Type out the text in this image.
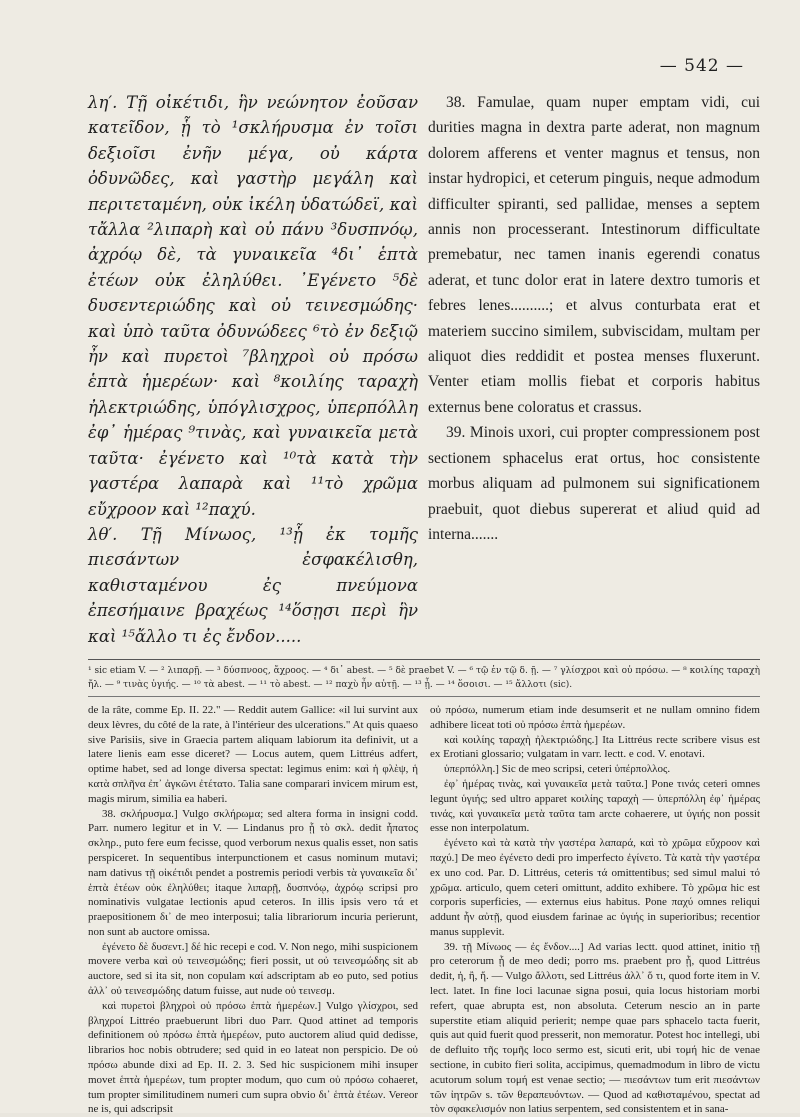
— 542 —

λη′. Τῇ οἰκέτιδι, ἣν νεώνητον ἐοῦσαν κατεῖδον, ᾗ τὸ ¹σκλήρυσμα ἐν τοῖσι δεξιοῖσι ἐνῆν μέγα, οὐ κάρτα ὀδυνῶδες, καὶ γαστὴρ μεγάλη καὶ περιτεταμένη, οὐκ ἰκέλη ὑδατώδεϊ, καὶ τἄλλα ²λιπαρὴ καὶ οὐ πάνυ ³δυσπνόῳ, ἀχρόῳ δὲ, τὰ γυναικεῖα ⁴δι᾽ ἑπτὰ ἐτέων οὐκ ἐληλύθει. ᾽Εγένετο ⁵δὲ δυσεντεριώδης καὶ οὐ τεινεσμώδης· καὶ ὑπὸ ταῦτα ὀδυνώδεες ⁶τὸ ἐν δεξιῷ ἦν καὶ πυρετοὶ ⁷βληχροὶ οὐ πρόσω ἑπτὰ ἡμερέων· καὶ ⁸κοιλίης ταραχὴ ἠλεκτριώδης, ὑπόγλισχρος, ὑπερπόλλη ἐφ᾽ ἡμέρας ⁹τινὰς, καὶ γυναικεῖα μετὰ ταῦτα· ἐγένετο καὶ ¹⁰τὰ κατὰ τὴν γαστέρα λαπαρὰ καὶ ¹¹τὸ χρῶμα εὔχροον καὶ ¹²παχύ.

λθ′. Τῇ Μίνωος, ¹³ᾗ ἐκ τομῆς πιεσάντων ἐσφακέλισθη, καθισταμένου ἐς πνεύμονα ἐπεσήμαινε βραχέως ¹⁴ὅσῃσι περὶ ἣν καὶ ¹⁵ἄλλο τι ἐς ἔνδον.....

38. Famulae, quam nuper emptam vidi, cui durities magna in dextra parte aderat, non magnum dolorem afferens et venter magnus et tensus, non instar hydropici, et ceterum pinguis, neque admodum difficulter spiranti, sed pallidae, menses a septem annis non processerant. Intestinorum difficultate premebatur, nec tamen inanis egerendi conatus aderat, et tunc dolor erat in latere dextro tumoris et febres lenes..........; et alvus conturbata erat et materiem succino similem, subviscidam, multam per aliquot dies reddidit et postea menses fluxerunt. Venter etiam mollis fiebat et corporis habitus externus bene coloratus et crassus.

39. Minois uxori, cui propter compressionem post sectionem sphacelus erat ortus, hoc consistente morbus aliquam ad pulmonem sui significationem praebuit, quot diebus supererat et aliud quid ad interna.......

¹ sic etiam V. — ² λιπαρῇ. — ³ δύσπνοος, ἄχροος. — ⁴ δι᾽ abest. — ⁵ δὲ praebet V. — ⁶ τῷ ἐν τῷ δ. ῇ. — ⁷ γλίσχροι καὶ οὐ πρόσω. — ⁸ κοιλίης ταραχὴ ἤλ. — ⁹ τινὰς ὑγιής. — ¹⁰ τὰ abest. — ¹¹ τὸ abest. — ¹² παχὺ ἦν αὐτῇ. — ¹³ ᾗ. — ¹⁴ ὅσοισι. — ¹⁵ ἄλλοτι (sic).

de la râte, comme Ep. II. 22." — Reddit autem Gallice: «il lui survint aux deux lèvres, du côté de la rate, à l'intérieur des ulcerations." At quis quaeso sive Parisiis, sive in Graecia partem aliquam labiorum ita definivit, ut a latere lienis eam esse diceret? — Locus autem, quem Littréus adfert, optime habet, sed ad longe diversa spectat: legimus enim: καὶ ἡ φλὲψ, ἡ κατὰ σπλῆνα ἐπ᾽ ἀγκῶνι ἐτέτατο. Talia sane comparari invicem mirum est, magis mirum, similia ea haberi.

38. σκλήρυσμα.] Vulgo σκλήρωμα; sed altera forma in insigni codd. Parr. numero legitur et in V. — Lindanus pro ᾗ τὸ σκλ. dedit ἧπατος σκληρ., puto fere eum fecisse, quod verborum nexus qualis esset, non satis perspiceret. In sequentibus interpunctionem et casus nominum mutavi; nam dativus τῇ οἰκέτιδι pendet a postremis periodi verbis τὰ γυναικεῖα δι᾽ ἑπτὰ ἐτέων οὐκ ἐληλύθει; itaque λιπαρῇ, δυσπνόῳ, ἀχρόῳ scripsi pro nominativis vulgatae lectionis apud ceteros. In illis ipsis vero τά et praepositionem δι᾽ de meo interposui; talia librariorum incuria perierunt, non sunt ab auctore omissa.

ἐγένετο δὲ δυσεντ.] δέ hic recepi e cod. V. Non nego, mihi suspicionem movere verba καὶ οὐ τεινεσμώδης; fieri possit, ut οὐ τεινεσμώδης sit ab auctore, sed si ita sit, non copulam καί adscriptam ab eo puto, sed potius ἀλλ᾽ οὐ τεινεσμώδης datum fuisse, aut nude οὐ τεινεσμ.

καὶ πυρετοὶ βληχροὶ οὐ πρόσω ἑπτὰ ἡμερέων.] Vulgo γλίσχροι, sed βληχροί Littréo praebuerunt libri duo Parr. Quod attinet ad temporis definitionem οὐ πρόσω ἑπτὰ ἡμερέων, puto auctorem aliud quid dedisse, librarios hoc nobis obtrudere; sed quid in eo lateat non perspicio. De οὐ πρόσω abunde dixi ad Ep. II. 2. 3. Sed hic suspicionem mihi insuper movet ἑπτὰ ἡμερέων, tum propter modum, quo cum οὐ πρόσω cohaeret, tum propter similitudinem numeri cum supra obvio δι᾽ ἑπτὰ ἐτέων. Vereor ne is, qui adscripsit

οὐ πρόσω, numerum etiam inde desumserit et ne nullam omnino fidem adhibere liceat toti οὐ πρόσω ἑπτὰ ἡμερέων.

καὶ κοιλίης ταραχὴ ἠλεκτριώδης.] Ita Littréus recte scribere visus est ex Erotiani glossario; vulgatam in varr. lectt. e cod. V. enotavi.

ὑπερπόλλη.] Sic de meo scripsi, ceteri ὑπέρπολλος.

ἐφ᾽ ἡμέρας τινὰς, καὶ γυναικεῖα μετὰ ταῦτα.] Pone τινάς ceteri omnes legunt ὑγιής; sed ultro apparet κοιλίης ταραχὴ — ὑπερπόλλη ἐφ᾽ ἡμέρας τινάς, καὶ γυναικεῖα μετὰ ταῦτα tam arcte cohaerere, ut ὑγιής non possit esse non interpolatum.

ἐγένετο καὶ τὰ κατὰ τὴν γαστέρα λαπαρά, καὶ τὸ χρῶμα εὔχροον καὶ παχύ.] De meo ἐγένετο dedi pro imperfecto ἐγίνετο. Τὰ κατὰ τὴν γαστέρα ex uno cod. Par. D. Littréus, ceteris τά omittentibus; sed simul malui τό χρῶμα. articulo, quem ceteri omittunt, addito exhibere. Τὸ χρῶμα hic est corporis superficies, — externus eius habitus. Pone παχύ omnes reliqui addunt ἦν αὐτῇ, quod eiusdem farinae ac ὑγιής in superioribus; recentior manus supplevit.

39. τῇ Μίνωος — ἐς ἔνδον....] Ad varias lectt. quod attinet, initio τῇ pro ceterorum ᾗ de meo dedi; porro ms. praebent pro ᾗ, quod Littréus dedit, ἡ, ἢ, ἥ. — Vulgo ἄλλοτι, sed Littréus ἀλλ᾽ ὅ τι, quod forte item in V. lect. latet. In fine loci lacunae signa posui, quia locus historiam morbi refert, quae abrupta est, non absoluta. Ceterum nescio an in parte superstite etiam aliquid perierit; nempe quae pars sphacelo tacta fuerit, quis aut quid fuerit quod presserit, non memoratur. Potest hoc intellegi, ubi de defluito τῆς τομῆς loco sermo est, sicuti erit, ubi τομή hic de venae sectione, in cubito fieri solita, accipimus, quemadmodum in libro de victu acutorum solum τομή est venae sectio; — πιεσάντων tum erit πιεσάντων τῶν ἰητρῶν s. τῶν θεραπευόντων. — Quod ad καθισταμένου, spectat ad τὸν σφακελισμόν non latius serpentem, sed consistentem et in sana-
